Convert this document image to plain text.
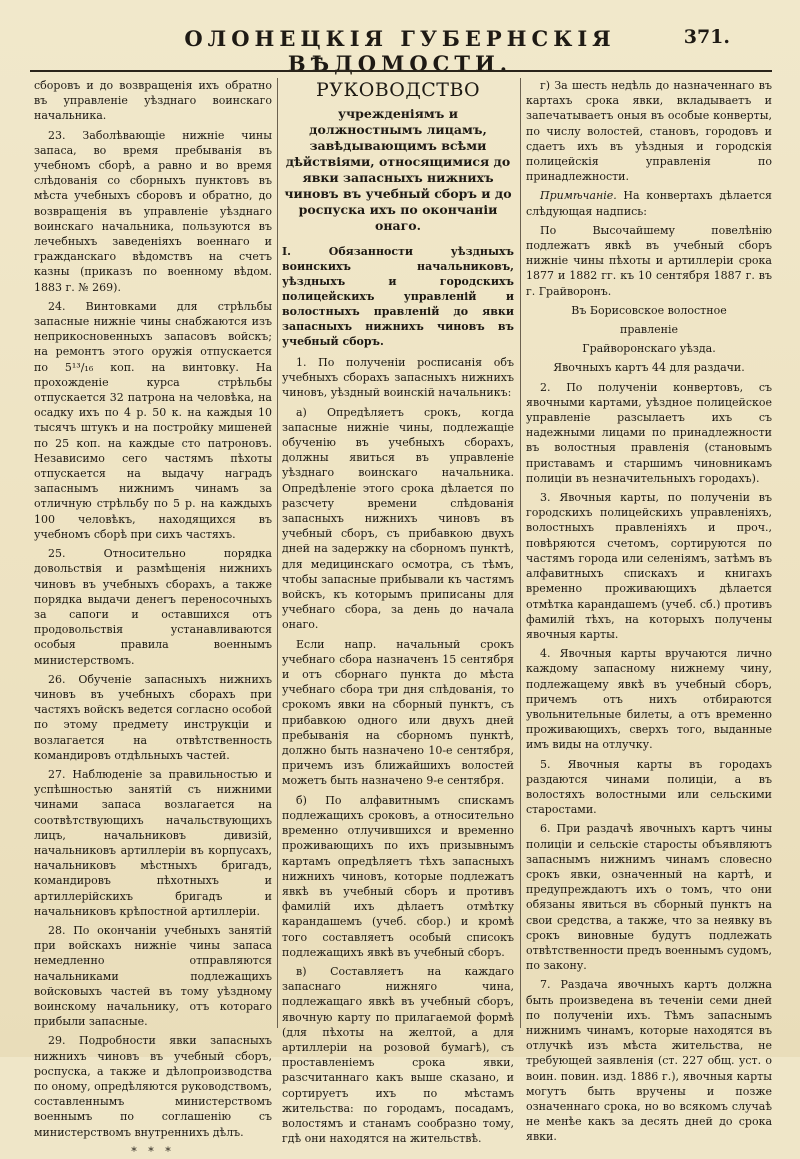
ОЛОНЕЦКІЯ ГУБЕРНСКІЯ ВѢДОМОСТИ.
371.

сборовъ и до возвращенія ихъ обратно въ управленіе уѣзднаго воинскаго начальника.

23. Заболѣвающіе нижніе чины запаса, во время пребыванія въ учебномъ сборѣ, а равно и во время слѣдованія со сборныхъ пунктовъ въ мѣста учебныхъ сборовъ и обратно, до возвращенія въ управленіе уѣзднаго воинскаго начальника, пользуются въ лечебныхъ заведеніяхъ военнаго и гражданскаго вѣдомствъ на счетъ казны (приказъ по военному вѣдом. 1883 г. № 269).

24. Винтовками для стрѣльбы запасные нижніе чины снабжаются изъ неприкосновенныхъ запасовъ войскъ; на ремонтъ этого оружія отпускается по 5¹³/₁₆ коп. на винтовку. На прохожденіе курса стрѣльбы отпускается 32 патрона на человѣка, на осадку ихъ по 4 р. 50 к. на каждыя 10 тысячъ штукъ и на постройку мишеней по 25 коп. на каждые сто патроновъ. Независимо сего частямъ пѣхоты отпускается на выдачу наградъ запаснымъ нижнимъ чинамъ за отличную стрѣльбу по 5 р. на каждыхъ 100 человѣкъ, находящихся въ учебномъ сборѣ при сихъ частяхъ.

25. Относительно порядка довольствія и размѣщенія нижнихъ чиновъ въ учебныхъ сборахъ, а также порядка выдачи денегъ переносочныхъ за сапоги и оставшихся отъ продовольствія устанавливаются особыя правила военнымъ министерствомъ.

26. Обученіе запасныхъ нижнихъ чиновъ въ учебныхъ сборахъ при частяхъ войскъ ведется согласно особой по этому предмету инструкціи и возлагается на отвѣтственность командировъ отдѣльныхъ частей.

27. Наблюденіе за правильностью и успѣшностью занятій съ нижними чинами запаса возлагается на соотвѣтствующихъ начальствующихъ лицъ, начальниковъ дивизій, начальниковъ артиллеріи въ корпусахъ, начальниковъ мѣстныхъ бригадъ, командировъ пѣхотныхъ и артиллерійскихъ бригадъ и начальниковъ крѣпостной артиллеріи.

28. По окончаніи учебныхъ занятій при войскахъ нижніе чины запаса немедленно отправляются начальниками подлежащихъ войсковыхъ частей въ тому уѣздному воинскому начальнику, отъ котораго прибыли запасные.

29. Подробности явки запасныхъ нижнихъ чиновъ въ учебный сборъ, роспуска, а также и дѣлопроизводства по оному, опредѣляются руководствомъ, составленнымъ министерствомъ военнымъ по соглашенію съ министерствомъ внутреннихъ дѣлъ.

* * *
РУКОВОДСТВО
учрежденіямъ и должностнымъ лицамъ, завѣдывающимъ всѣми дѣйствіями, относящимися до явки запасныхъ нижнихъ чиновъ въ учебный сборъ и до роспуска ихъ по окончаніи онаго.

I. Обязанности уѣздныхъ воинскихъ начальниковъ, уѣздныхъ и городскихъ полицейскихъ управленій и волостныхъ правленій до явки запасныхъ нижнихъ чиновъ въ учебный сборъ.

1. По полученіи росписанія объ учебныхъ сборахъ запасныхъ нижнихъ чиновъ, уѣздный воинскій начальникъ:

а) Опредѣляетъ срокъ, когда запасные нижніе чины, подлежащіе обученію въ учебныхъ сборахъ, должны явиться въ управленіе уѣзднаго воинскаго начальника. Опредѣленіе этого срока дѣлается по разсчету времени слѣдованія запасныхъ нижнихъ чиновъ въ учебный сборъ, съ прибавкою двухъ дней на задержку на сборномъ пунктѣ, для медицинскаго осмотра, съ тѣмъ, чтобы запасные прибывали къ частямъ войскъ, къ которымъ приписаны для учебнаго сбора, за день до начала онаго.

Если напр. начальный срокъ учебнаго сбора назначенъ 15 сентября и отъ сборнаго пункта до мѣста учебнаго сбора три дня слѣдованія, то срокомъ явки на сборный пунктъ, съ прибавкою одного или двухъ дней пребыванія на сборномъ пунктѣ, должно быть назначено 10-е сентября, причемъ изъ ближайшихъ волостей можетъ быть назначено 9-е сентября.

б) По алфавитнымъ спискамъ подлежащихъ сроковъ, а относительно временно отлучившихся и временно проживающихъ по ихъ призывнымъ картамъ опредѣляетъ тѣхъ запасныхъ нижнихъ чиновъ, которые подлежатъ явкѣ въ учебный сборъ и противъ фамилій ихъ дѣлаетъ отмѣтку карандашемъ (учеб. сбор.) и кромѣ того составляетъ особый списокъ подлежащихъ явкѣ въ учебный сборъ.

в) Составляетъ на каждаго запаснаго нижняго чина, подлежащаго явкѣ въ учебный сборъ, явочную карту по прилагаемой формѣ (для пѣхоты на желтой, а для артиллеріи на розовой бумагѣ), съ проставленіемъ срока явки, разсчитаннаго какъ выше сказано, и сортируетъ ихъ по мѣстамъ жительства: по городамъ, посадамъ, волостямъ и станамъ сообразно тому, гдѣ они находятся на жительствѣ.

г) За шесть недѣль до назначеннаго въ картахъ срока явки, вкладываетъ и запечатываетъ оныя въ особые конверты, по числу волостей, становъ, городовъ и сдаетъ ихъ въ уѣздныя и городскія полицейскія управленія по принадлежности.

Примѣчаніе. На конвертахъ дѣлается слѣдующая надпись:

По Высочайшему повелѣнію подлежатъ явкѣ въ учебный сборъ нижніе чины пѣхоты и артиллеріи срока 1877 и 1882 гг. къ 10 сентября 1887 г. въ г. Грайворонъ.

Въ Борисовское волостное

правленіе

Грайворонскаго уѣзда.

Явочныхъ картъ 44 для раздачи.

2. По полученіи конвертовъ, съ явочными картами, уѣздное полицейское управленіе разсылаетъ ихъ съ надежными лицами по принадлежности въ волостныя правленія (становымъ приставамъ и старшимъ чиновникамъ полиціи въ незначительныхъ городахъ).

3. Явочныя карты, по полученіи въ городскихъ полицейскихъ управленіяхъ, волостныхъ правленіяхъ и проч., повѣряются счетомъ, сортируются по частямъ города или селеніямъ, затѣмъ въ алфавитныхъ спискахъ и книгахъ временно проживающихъ дѣлается отмѣтка карандашемъ (учеб. сб.) противъ фамилій тѣхъ, на которыхъ получены явочныя карты.

4. Явочныя карты вручаются лично каждому запасному нижнему чину, подлежащему явкѣ въ учебный сборъ, причемъ отъ нихъ отбираются увольнительные билеты, а отъ временно проживающихъ, сверхъ того, выданные имъ виды на отлучку.

5. Явочныя карты въ городахъ раздаются чинами полиціи, а въ волостяхъ волостными или сельскими старостами.

6. При раздачѣ явочныхъ картъ чины полиціи и сельскіе старосты объявляютъ запаснымъ нижнимъ чинамъ словесно срокъ явки, означенный на картѣ, и предупреждаютъ ихъ о томъ, что они обязаны явиться въ сборный пунктъ на свои средства, а также, что за неявку въ срокъ виновные будутъ подлежать отвѣтственности предъ военнымъ судомъ, по закону.

7. Раздача явочныхъ картъ должна быть произведена въ теченіи семи дней по полученіи ихъ. Тѣмъ запаснымъ нижнимъ чинамъ, которые находятся въ отлучкѣ изъ мѣста жительства, не требующей заявленія (ст. 227 общ. уст. о воин. повин. изд. 1886 г.), явочныя карты могутъ быть вручены и позже означеннаго срока, но во всякомъ случаѣ не менѣе какъ за десять дней до срока явки.
